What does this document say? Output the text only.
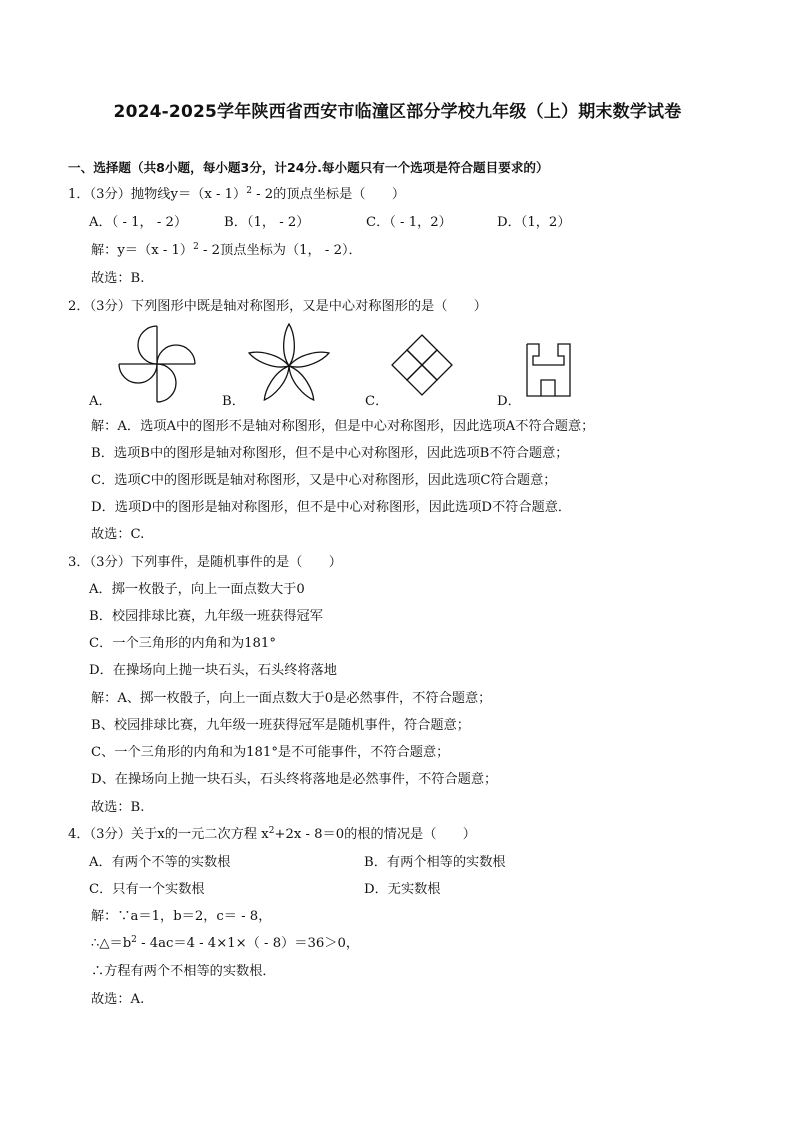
2024-2025学年陕西省西安市临潼区部分学校九年级（上）期末数学试卷
一、选择题（共8小题，每小题3分，计24分.每小题只有一个选项是符合题目要求的）
1．（3分）抛物线y＝（x - 1）$^2$ - 2的顶点坐标是（　　）
A．（ - 1， - 2）	B．（1， - 2）	C．（ - 1，2）	D．（1，2）
解：y＝（x - 1）$^2$ - 2顶点坐标为（1， - 2）．
故选：B.
2．（3分）下列图形中既是轴对称图形，又是中心对称图形的是（　　）
A．	B．	C．	D．
解：A．选项A中的图形不是轴对称图形，但是中心对称图形，因此选项A不符合题意；
B．选项B中的图形是轴对称图形，但不是中心对称图形，因此选项B不符合题意；
C．选项C中的图形既是轴对称图形，又是中心对称图形，因此选项C符合题意；
D．选项D中的图形是轴对称图形，但不是中心对称图形，因此选项D不符合题意．
故选：C.
3．（3分）下列事件，是随机事件的是（　　）
A．掷一枚骰子，向上一面点数大于0
B．校园排球比赛，九年级一班获得冠军
C．一个三角形的内角和为181°
D．在操场向上抛一块石头，石头终将落地
解：A、掷一枚骰子，向上一面点数大于0是必然事件，不符合题意；
B、校园排球比赛，九年级一班获得冠军是随机事件，符合题意；
C、一个三角形的内角和为181°是不可能事件，不符合题意；
D、在操场向上抛一块石头，石头终将落地是必然事件，不符合题意；
故选：B.
4．（3分）关于x的一元二次方程 $x^2+2x - 8=0$的根的情况是（　　）
A．有两个不等的实数根	B．有两个相等的实数根
C．只有一个实数根	D．无实数根
解：∵a＝1，b＝2，c＝ - 8，
$\therefore\triangle=b^2 - 4ac=4 - 4\times 1\times( - 8)=36>0$，
∴方程有两个不相等的实数根．
故选：A.
